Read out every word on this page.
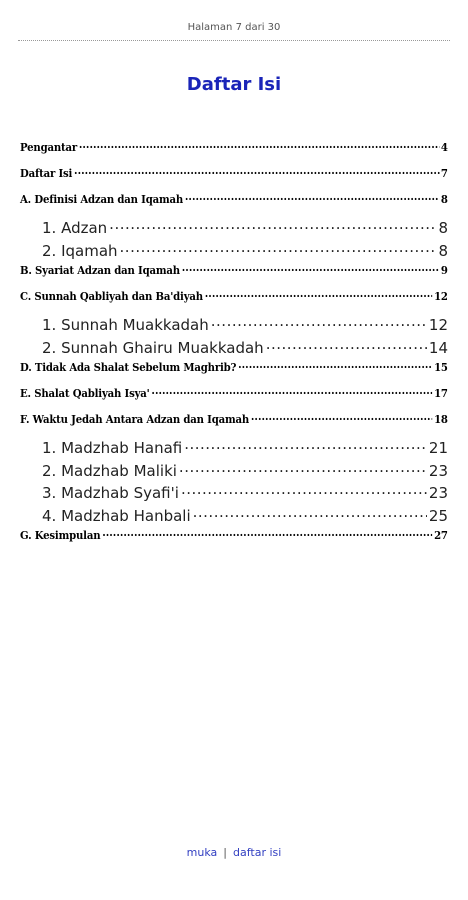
Halaman 7 dari 30
Daftar Isi
Pengantar .....	4
Daftar Isi .....	7
A. Definisi Adzan dan Iqamah .....	8
1. Adzan .....	8
2. Iqamah .....	8
B. Syariat Adzan dan Iqamah .....	9
C. Sunnah Qabliyah dan Ba'diyah .....	12
1. Sunnah Muakkadah .....	12
2. Sunnah Ghairu Muakkadah .....	14
D. Tidak Ada Shalat Sebelum Maghrib? .....	15
E. Shalat Qabliyah Isya' .....	17
F. Waktu Jedah Antara Adzan dan Iqamah .....	18
1. Madzhab Hanafi .....	21
2. Madzhab Maliki .....	23
3. Madzhab Syafi'i .....	23
4. Madzhab Hanbali .....	25
G. Kesimpulan .....	27
muka | daftar isi
